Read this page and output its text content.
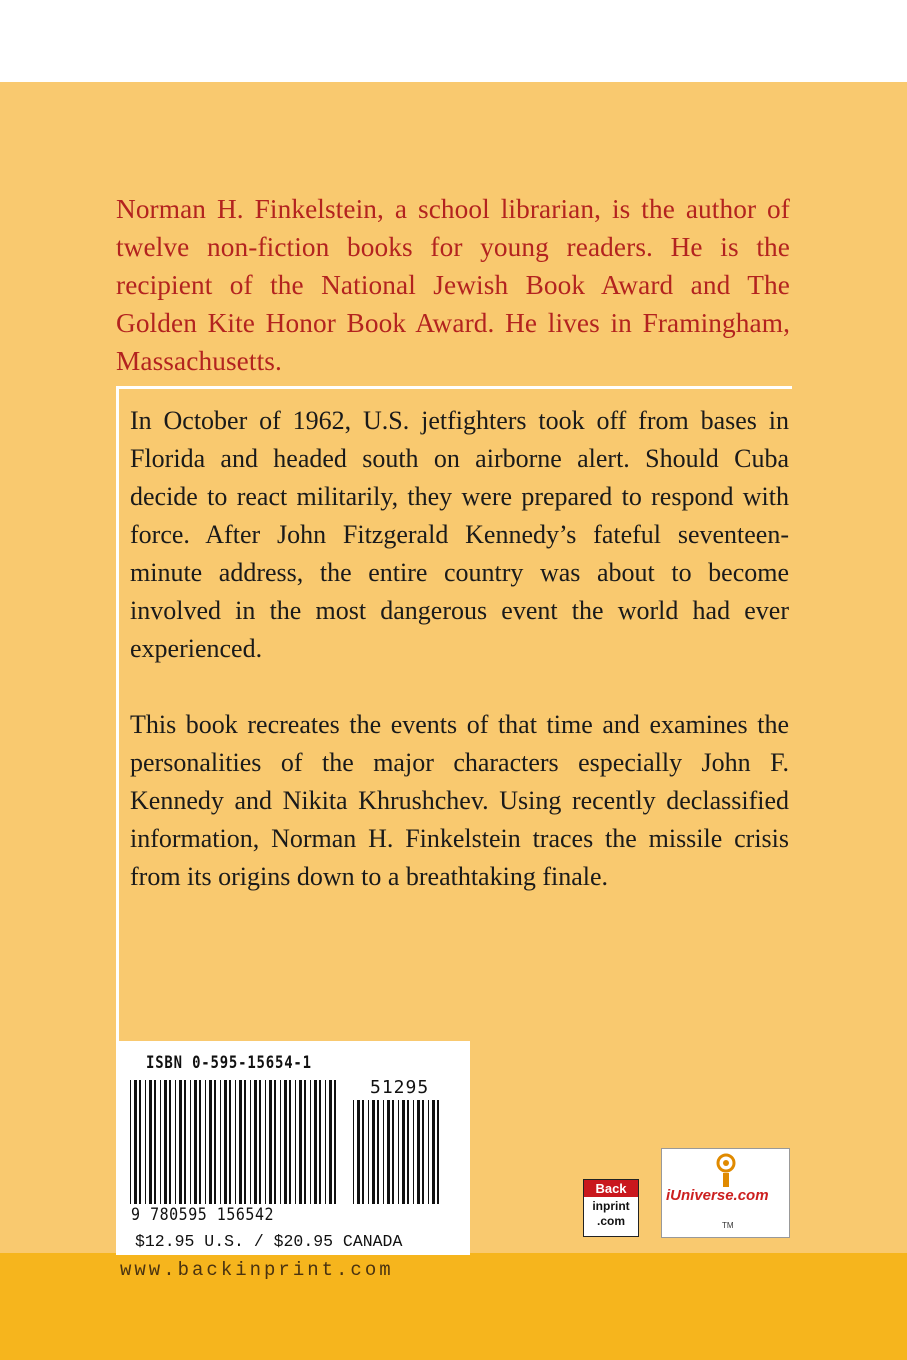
Norman H. Finkelstein, a school librarian, is the author of twelve non-fiction books for young readers. He is the recipient of the National Jewish Book Award and The Golden Kite Honor Book Award. He lives in Framingham, Massachusetts.

In October of 1962, U.S. jetfighters took off from bases in Florida and headed south on airborne alert. Should Cuba decide to react militarily, they were prepared to respond with force. After John Fitzgerald Kennedy’s fateful seventeen-minute address, the entire country was about to become involved in the most dangerous event the world had ever experienced.

This book recreates the events of that time and examines the personalities of the major characters especially John F. Kennedy and Nikita Khrushchev. Using recently declassified information, Norman H. Finkelstein traces the missile crisis from its origins down to a breathtaking finale.

ISBN 0-595-15654-1
51295
9 780595 156542
$12.95 U.S. / $20.95 CANADA
www.backinprint.com
Back
inprint
.com
iUniverse.com
TM
